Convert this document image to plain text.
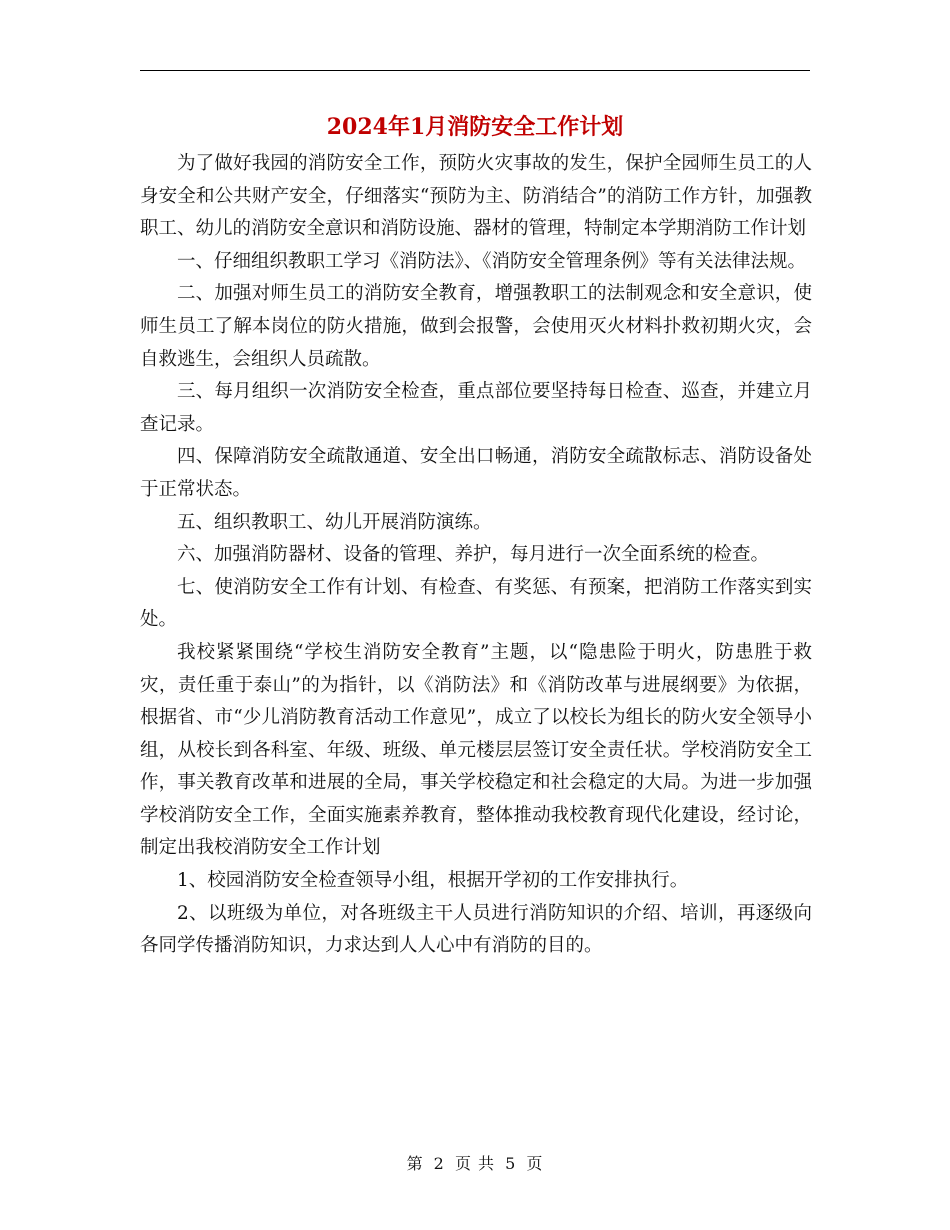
2024年1月消防安全工作计划

为了做好我园的消防安全工作，预防火灾事故的发生，保护全园师生员工的人身安全和公共财产安全，仔细落实“预防为主、防消结合”的消防工作方针，加强教职工、幼儿的消防安全意识和消防设施、器材的管理，特制定本学期消防工作计划

一、仔细组织教职工学习《消防法》、《消防安全管理条例》等有关法律法规。

二、加强对师生员工的消防安全教育，增强教职工的法制观念和安全意识，使师生员工了解本岗位的防火措施，做到会报警，会使用灭火材料扑救初期火灾，会自救逃生，会组织人员疏散。

三、每月组织一次消防安全检查，重点部位要坚持每日检查、巡查，并建立月查记录。

四、保障消防安全疏散通道、安全出口畅通，消防安全疏散标志、消防设备处于正常状态。

五、组织教职工、幼儿开展消防演练。

六、加强消防器材、设备的管理、养护，每月进行一次全面系统的检查。

七、使消防安全工作有计划、有检查、有奖惩、有预案，把消防工作落实到实处。

我校紧紧围绕“学校生消防安全教育”主题，以“隐患险于明火，防患胜于救灾，责任重于泰山”的为指针，以《消防法》和《消防改革与进展纲要》为依据，根据省、市“少儿消防教育活动工作意见”，成立了以校长为组长的防火安全领导小组，从校长到各科室、年级、班级、单元楼层层签订安全责任状。学校消防安全工作，事关教育改革和进展的全局，事关学校稳定和社会稳定的大局。为进一步加强学校消防安全工作，全面实施素养教育，整体推动我校教育现代化建设，经讨论，制定出我校消防安全工作计划

1、校园消防安全检查领导小组，根据开学初的工作安排执行。

2、以班级为单位，对各班级主干人员进行消防知识的介绍、培训，再逐级向各同学传播消防知识，力求达到人人心中有消防的目的。

第 2 页 共 5 页
